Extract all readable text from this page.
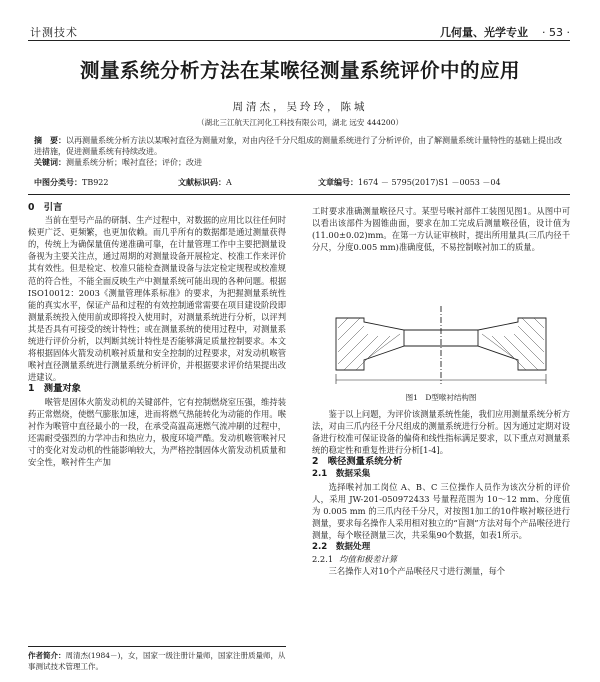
计测技术	几何量、光学专业 · 53 ·
测量系统分析方法在某喉径测量系统评价中的应用
周清杰，吴玲玲，陈城
（湖北三江航天江河化工科技有限公司，湖北 远安 444200）
摘　要：以再测量系统分析方法以某喉衬直径为测量对象，对由内径千分尺组成的测量系统进行了分析评价，由了解测量系统计量特性的基础上提出改进措施，促进测量系统有持续改进。
关键词：测量系统分析；喉衬直径；评价；改进
中图分类号：TB922	文献标识码：A	文章编号：1674 － 5795(2017)S1 －0053 －04

0　引言

当前在型号产品的研制、生产过程中，对数据的应用比以往任何时候更广泛、更频繁，也更加依赖。而几乎所有的数据都是通过测量获得的，传统上为确保量值传递准确可靠，在计量管理工作中主要把测量设备视为主要关注点，通过周期的对测量设备开展检定、校准工作来评价其有效性。但是检定、校准只能检查测量设备与法定检定规程或校准规范的符合性，不能全面反映生产中测量系统可能出现的各种问题。根据ISO10012：2003《测量管理体系标准》的要求，为把握测量系统性能的真实水平，保证产品和过程的有效控制通常需要在项目建设阶段即测量系统投入使用前或即将投入使用时，对测量系统进行分析，以评判其是否具有可接受的统计特性；或在测量系统的使用过程中，对测量系统进行评价分析，以判断其统计特性是否能够满足质量控制要求。本文将根据固体火箭发动机喉衬质量和安全控制的过程要求，对发动机喉管喉衬直径测量系统进行测量系统分析评价，并根据要求评价结果提出改进建议。

1　测量对象

喉管是固体火箭发动机的关键部件，它有控制燃烧室压强，维持装药正常燃烧，使燃气膨胀加速，进而将燃气热能转化为动能的作用。喉衬作为喉管中直径最小的一段，在承受高温高速燃气流冲刷的过程中，还需耐受强烈的力学冲击和热应力，极度环境严酷。发动机喉管喉衬尺寸的变化对发动机的性能影响较大，为严格控制固体火箭发动机质量和安全性，喉衬件生产加

作者简介：周清杰(1984－)，女，国家一级注册计量师，国家注册质量师，从事测试技术管理工作。

工时要求准确测量喉径尺寸。某型号喉衬部件工装图见图1。从图中可以看出该部件为圆锥曲面，要求在加工完成后测量喉径值，设计值为(11.00±0.02)mm。在第一方认证审核时，提出所用量具(三爪内径千分尺，分度0.005 mm)准确度低，不易控制喉衬加工的质量。

图1　D型喉衬结构图

鉴于以上问题，为评价该测量系统性能，我们应用测量系统分析方法，对由三爪内径千分尺组成的测量系统进行分析。因为通过定期对设备进行校准可保证设备的偏倚和线性指标满足要求，以下重点对测量系统的稳定性和重复性进行分析[1-4]。

2　喉径测量系统分析

2.1　数据采集

选择喉衬加工岗位 A、B、C 三位操作人员作为该次分析的评价人，采用 JW-201-050972433 号量程范围为 10～12 mm、分度值为 0.005 mm 的三爪内径千分尺，对按图1加工的10件喉衬喉径进行测量，要求每名操作人采用相对独立的“盲测”方法对每个产品喉径进行测量，每个喉径测量三次，共采集90个数据，如表1所示。

2.2　数据处理

2.2.1 均值和极差计算

三名操作人对10个产品喉径尺寸进行测量，每个
